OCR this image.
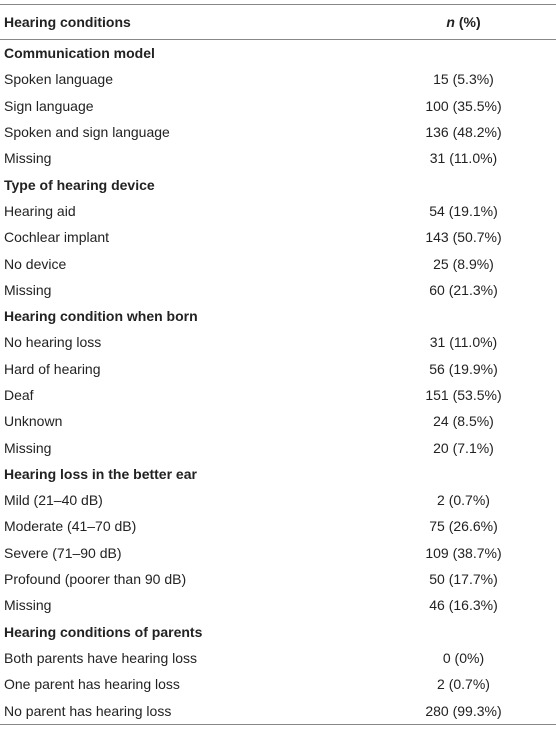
Hearing conditions	n (%)
Communication model	
Spoken language	15 (5.3%)
Sign language	100 (35.5%)
Spoken and sign language	136 (48.2%)
Missing	31 (11.0%)
Type of hearing device	
Hearing aid	54 (19.1%)
Cochlear implant	143 (50.7%)
No device	25 (8.9%)
Missing	60 (21.3%)
Hearing condition when born	
No hearing loss	31 (11.0%)
Hard of hearing	56 (19.9%)
Deaf	151 (53.5%)
Unknown	24 (8.5%)
Missing	20 (7.1%)
Hearing loss in the better ear	
Mild (21–40 dB)	2 (0.7%)
Moderate (41–70 dB)	75 (26.6%)
Severe (71–90 dB)	109 (38.7%)
Profound (poorer than 90 dB)	50 (17.7%)
Missing	46 (16.3%)
Hearing conditions of parents	
Both parents have hearing loss	0 (0%)
One parent has hearing loss	2 (0.7%)
No parent has hearing loss	280 (99.3%)
